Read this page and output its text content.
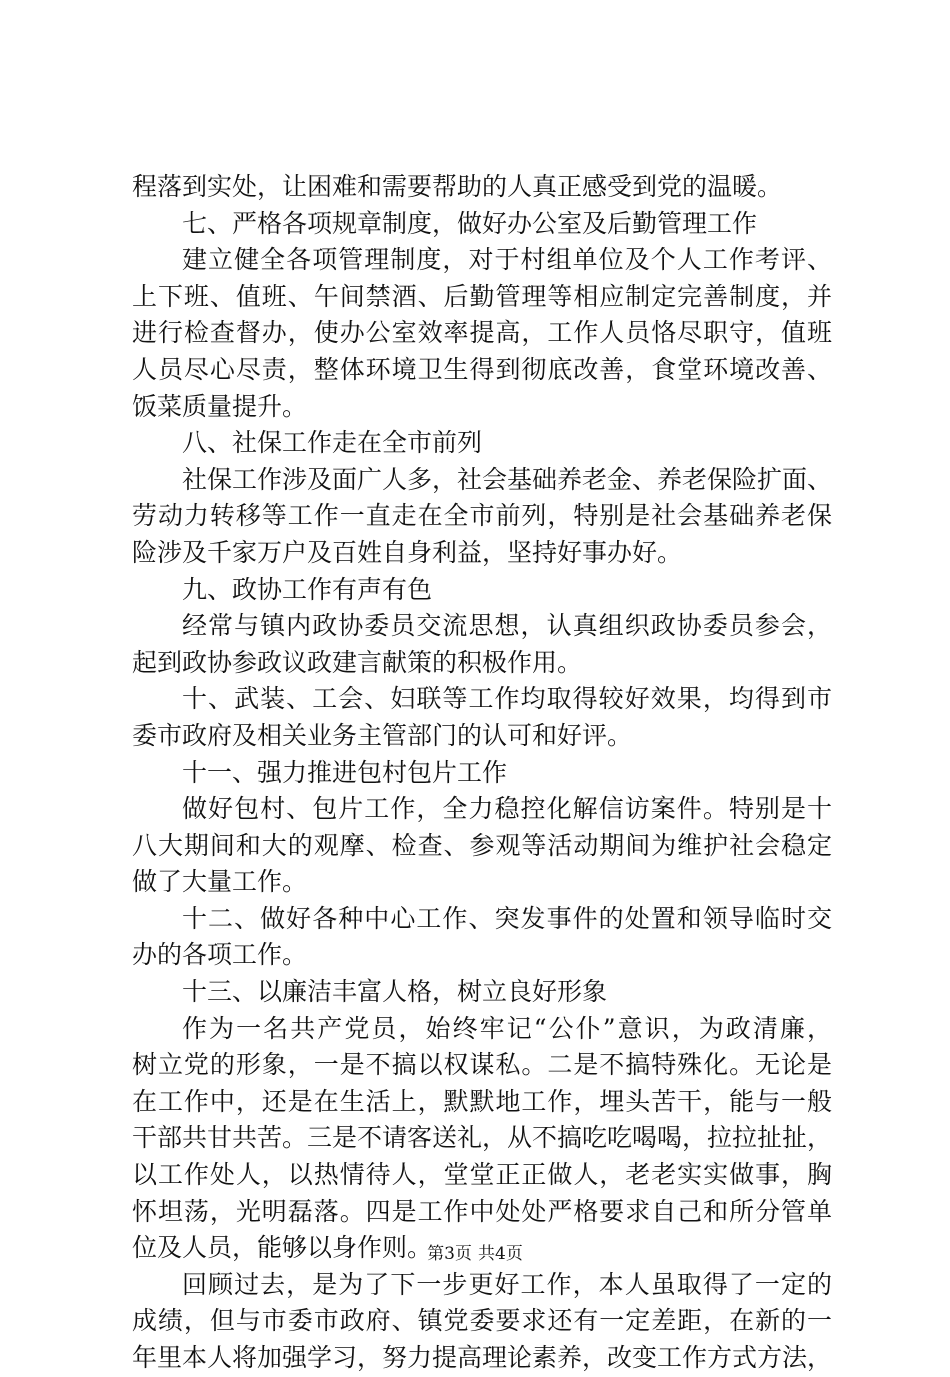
程落到实处，让困难和需要帮助的人真正感受到党的温暖。
七、严格各项规章制度，做好办公室及后勤管理工作
建立健全各项管理制度，对于村组单位及个人工作考评、
上下班、值班、午间禁酒、后勤管理等相应制定完善制度，并
进行检查督办，使办公室效率提高，工作人员恪尽职守，值班
人员尽心尽责，整体环境卫生得到彻底改善，食堂环境改善、
饭菜质量提升。
八、社保工作走在全市前列
社保工作涉及面广人多，社会基础养老金、养老保险扩面、
劳动力转移等工作一直走在全市前列，特别是社会基础养老保
险涉及千家万户及百姓自身利益，坚持好事办好。
九、政协工作有声有色
经常与镇内政协委员交流思想，认真组织政协委员参会，
起到政协参政议政建言献策的积极作用。
十、武装、工会、妇联等工作均取得较好效果，均得到市
委市政府及相关业务主管部门的认可和好评。
十一、强力推进包村包片工作
做好包村、包片工作，全力稳控化解信访案件。特别是十
八大期间和大的观摩、检查、参观等活动期间为维护社会稳定
做了大量工作。
十二、做好各种中心工作、突发事件的处置和领导临时交
办的各项工作。
十三、以廉洁丰富人格，树立良好形象
作为一名共产党员，始终牢记“公仆”意识，为政清廉，
树立党的形象，一是不搞以权谋私。二是不搞特殊化。无论是
在工作中，还是在生活上，默默地工作，埋头苦干，能与一般
干部共甘共苦。三是不请客送礼，从不搞吃吃喝喝，拉拉扯扯，
以工作处人，以热情待人，堂堂正正做人，老老实实做事，胸
怀坦荡，光明磊落。四是工作中处处严格要求自己和所分管单
位及人员，能够以身作则。
回顾过去，是为了下一步更好工作，本人虽取得了一定的
成绩，但与市委市政府、镇党委要求还有一定差距，在新的一
年里本人将加强学习，努力提高理论素养，改变工作方式方法，
第3页 共4页
